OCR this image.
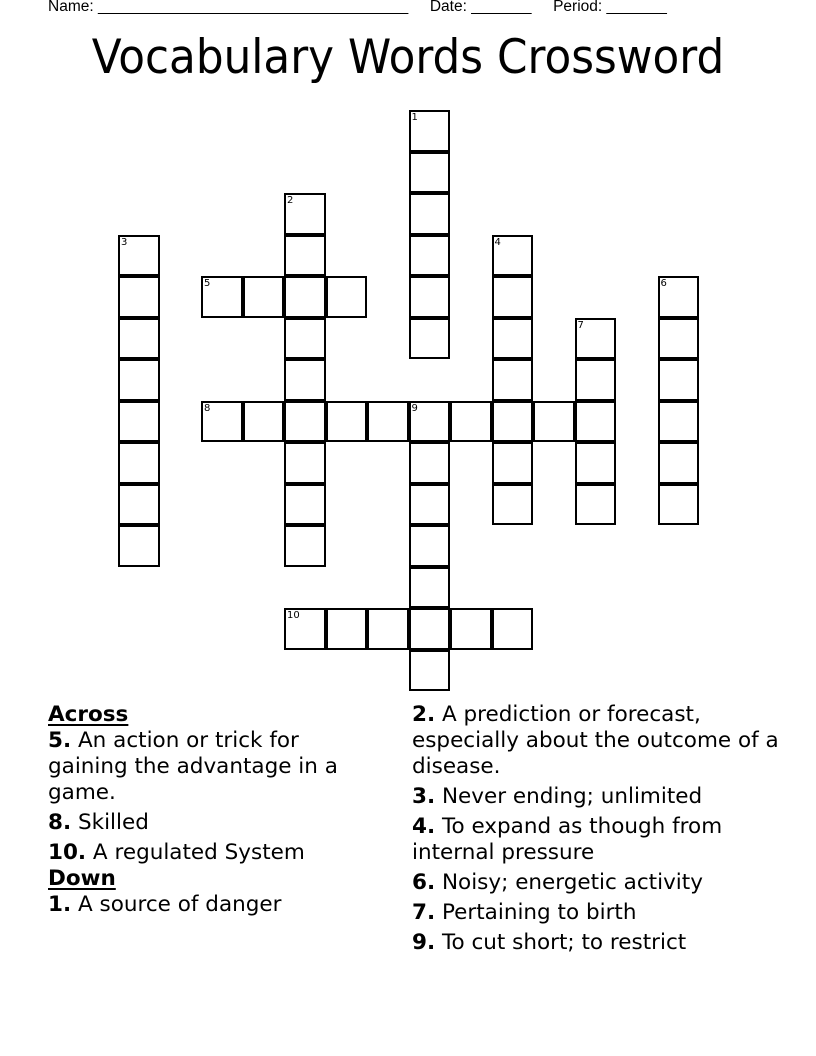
Name: ____________________________________ Date: _______ Period: _______
Vocabulary Words Crossword
1
2
3	4
5	6
7
8	9
10
Across
5. An action or trick for gaining the advantage in a game.
8. Skilled
10. A regulated System
Down
1. A source of danger
2. A prediction or forecast, especially about the outcome of a disease.
3. Never ending; unlimited
4. To expand as though from internal pressure
6. Noisy; energetic activity
7. Pertaining to birth
9. To cut short; to restrict
